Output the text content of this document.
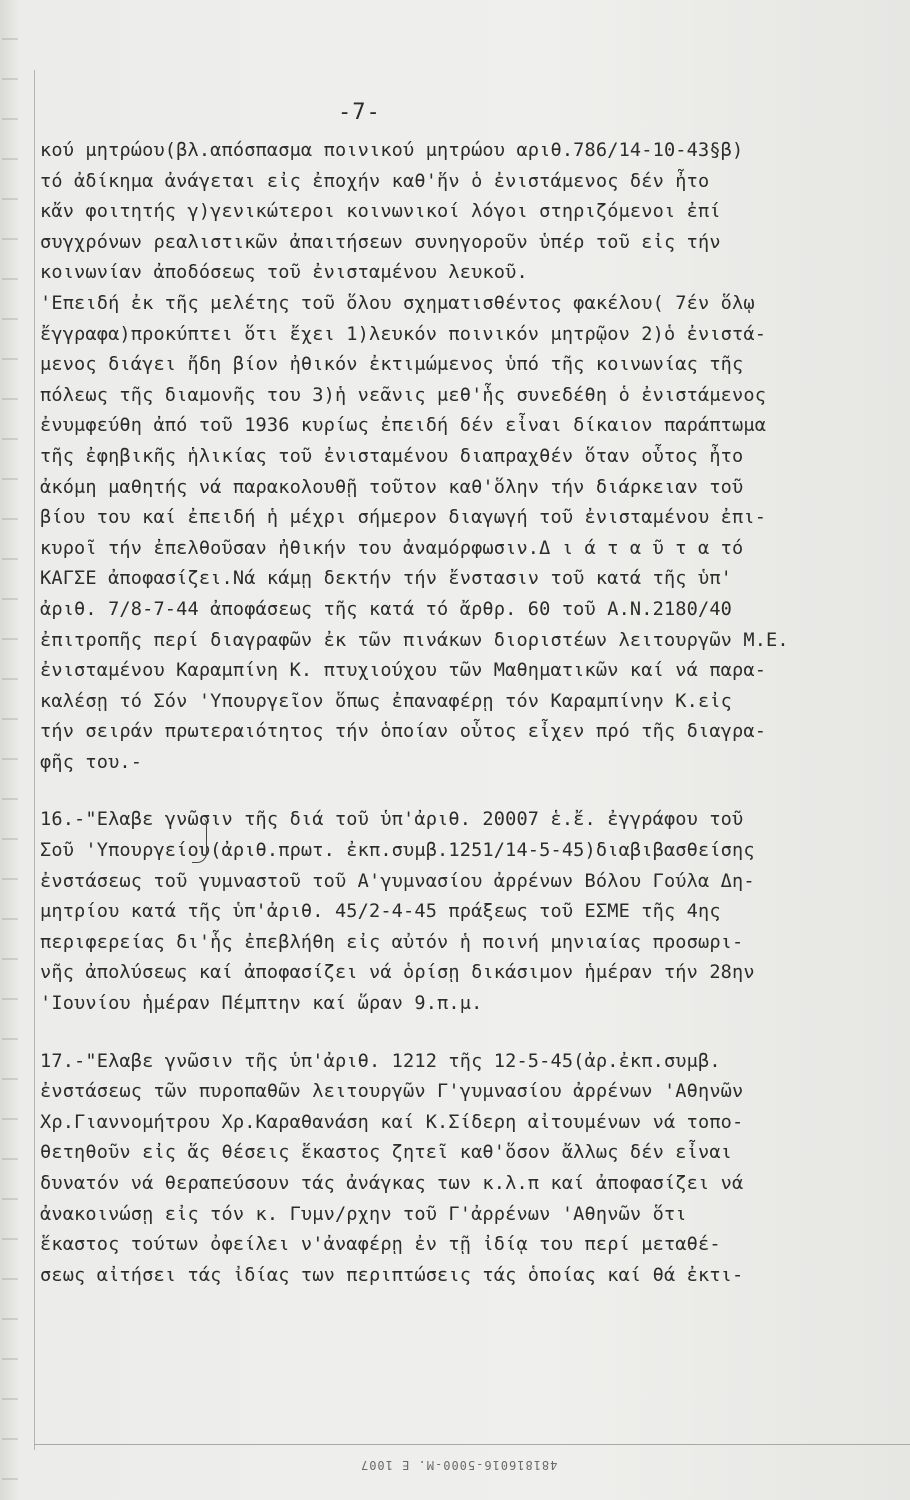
-7-
κού μητρώου(βλ.απόσπασμα ποινικού μητρώου αριθ.786/14-10-43§β)
τό ἀδίκημα ἀνάγεται εἰς ἐποχήν καθ'ἥν ὁ ἐνιστάμενος δέν ἦτο
κἄν φοιτητής γ)γενικώτεροι κοινωνικοί λόγοι στηριζόμενοι ἐπί
συγχρόνων ρεαλιστικῶν ἀπαιτήσεων συνηγοροῦν ὑπέρ τοῦ εἰς τήν
κοινωνίαν ἀποδόσεως τοῦ ἐνισταμένου λευκοῦ.
'Επειδή ἐκ τῆς μελέτης τοῦ ὅλου σχηματισθέντος φακέλου( 7έν ὅλῳ
ἔγγραφα)προκύπτει ὅτι ἔχει 1)λευκόν ποινικόν μητρῷον 2)ὁ ἐνιστά-
μενος διάγει ἤδη βίον ἠθικόν ἐκτιμώμενος ὑπό τῆς κοινωνίας τῆς
πόλεως τῆς διαμονῆς του 3)ἡ νεᾶνις μεθ'ἧς συνεδέθη ὁ ἐνιστάμενος
ἐνυμφεύθη ἀπό τοῦ 1936 κυρίως ἐπειδή δέν εἶναι δίκαιον παράπτωμα
τῆς ἐφηβικῆς ἡλικίας τοῦ ἐνισταμένου διαπραχθέν ὅταν οὗτος ἦτο
ἀκόμη μαθητής νά παρακολουθῇ τοῦτον καθ'ὅλην τήν διάρκειαν τοῦ
βίου του καί ἐπειδή ἡ μέχρι σήμερον διαγωγή τοῦ ἐνισταμένου ἐπι-
κυροῖ τήν ἐπελθοῦσαν ἠθικήν του ἀναμόρφωσιν.Δ ι ά τ α ῦ τ α τό
ΚΑΓΣΕ ἀποφασίζει.Νά κάμῃ δεκτήν τήν ἔνστασιν τοῦ κατά τῆς ὑπ'
ἀριθ. 7/8-7-44 ἀποφάσεως τῆς κατά τό ἄρθρ. 60 τοῦ Α.Ν.2180/40
ἐπιτροπῆς περί διαγραφῶν ἐκ τῶν πινάκων διοριστέων λειτουργῶν Μ.Ε.
ἐνισταμένου Καραμπίνη Κ. πτυχιούχου τῶν Μαθηματικῶν καί νά παρα-
καλέσῃ τό Σόν 'Υπουργεῖον ὅπως ἐπαναφέρῃ τόν Καραμπίνην Κ.εἰς
τήν σειράν πρωτεραιότητος τήν ὁποίαν οὗτος εἶχεν πρό τῆς διαγρα-
φῆς του.-
16.-"Ελαβε γνῶσιν τῆς διά τοῦ ὑπ'ἀριθ. 20007 ἑ.ἔ. ἐγγράφου τοῦ
Σοῦ 'Υπουργείου(ἀριθ.πρωτ. ἐκπ.συμβ.1251/14-5-45)διαβιβασθείσης
ἐνστάσεως τοῦ γυμναστοῦ τοῦ Α'γυμνασίου ἀρρένων Βόλου Γούλα Δη-
μητρίου κατά τῆς ὑπ'ἀριθ. 45/2-4-45 πράξεως τοῦ ΕΣΜΕ τῆς 4ης
περιφερείας δι'ἧς ἐπεβλήθη εἰς αὐτόν ἡ ποινή μηνιαίας προσωρι-
νῆς ἀπολύσεως καί ἀποφασίζει νά ὁρίσῃ δικάσιμον ἡμέραν τήν 28ην
'Ιουνίου ἡμέραν Πέμπτην καί ὥραν 9.π.μ.
17.-"Ελαβε γνῶσιν τῆς ὑπ'ἀριθ. 1212 τῆς 12-5-45(ἀρ.ἐκπ.συμβ.
ἐνστάσεως τῶν πυροπαθῶν λειτουργῶν Γ'γυμνασίου ἀρρένων 'Αθηνῶν
Χρ.Γιαννομήτρου Χρ.Καραθανάση καί Κ.Σίδερη αἰτουμένων νά τοπο-
θετηθοῦν εἰς ἅς θέσεις ἕκαστος ζητεῖ καθ'ὅσον ἄλλως δέν εἶναι
δυνατόν νά θεραπεύσουν τάς ἀνάγκας των κ.λ.π καί ἀποφασίζει νά
ἀνακοινώσῃ εἰς τόν κ. Γυμν/ρχην τοῦ Γ'ἀρρένων 'Αθηνῶν ὅτι
ἕκαστος τούτων ὀφείλει ν'ἀναφέρῃ ἐν τῇ ἰδίᾳ του περί μεταθέ-
σεως αἰτήσει τάς ἰδίας των περιπτώσεις τάς ὁποίας καί θά ἐκτι-
481816016-5000-M. E 1007
